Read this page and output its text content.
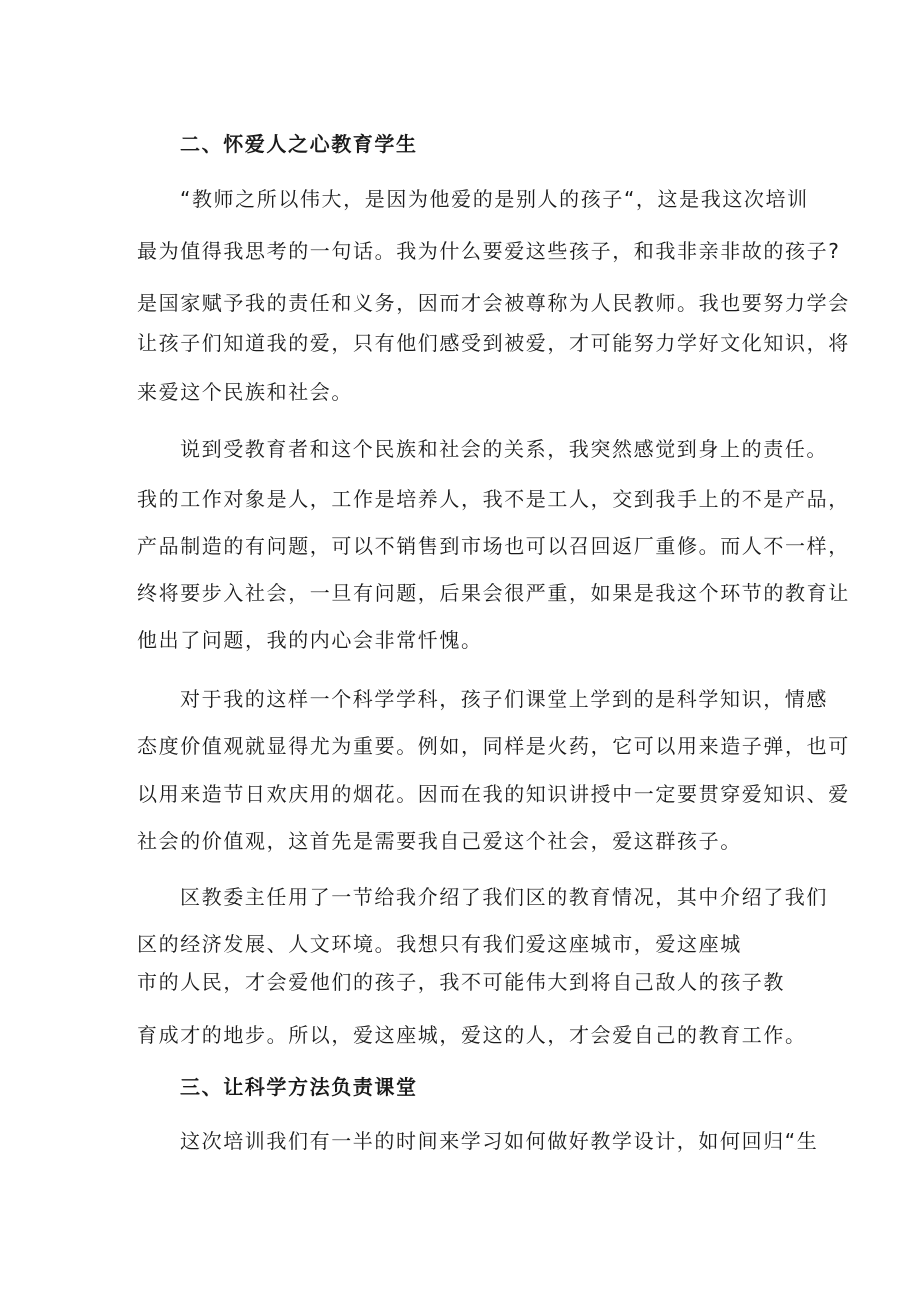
二、怀爱人之心教育学生
“教师之所以伟大，是因为他爱的是别人的孩子“，这是我这次培训
最为值得我思考的一句话。我为什么要爱这些孩子，和我非亲非故的孩子?
是国家赋予我的责任和义务，因而才会被尊称为人民教师。我也要努力学会
让孩子们知道我的爱，只有他们感受到被爱，才可能努力学好文化知识，将
来爱这个民族和社会。
说到受教育者和这个民族和社会的关系，我突然感觉到身上的责任。
我的工作对象是人，工作是培养人，我不是工人，交到我手上的不是产品，
产品制造的有问题，可以不销售到市场也可以召回返厂重修。而人不一样，
终将要步入社会，一旦有问题，后果会很严重，如果是我这个环节的教育让
他出了问题，我的内心会非常忏愧。
对于我的这样一个科学学科，孩子们课堂上学到的是科学知识，情感
态度价值观就显得尤为重要。例如，同样是火药，它可以用来造子弹，也可
以用来造节日欢庆用的烟花。因而在我的知识讲授中一定要贯穿爱知识、爱
社会的价值观，这首先是需要我自己爱这个社会，爱这群孩子。
区教委主任用了一节给我介绍了我们区的教育情况，其中介绍了我们
区的经济发展、人文环境。我想只有我们爱这座城市，爱这座城
市的人民，才会爱他们的孩子，我不可能伟大到将自己敌人的孩子教
育成才的地步。所以，爱这座城，爱这的人，才会爱自己的教育工作。
三、让科学方法负责课堂
这次培训我们有一半的时间来学习如何做好教学设计，如何回归“生
